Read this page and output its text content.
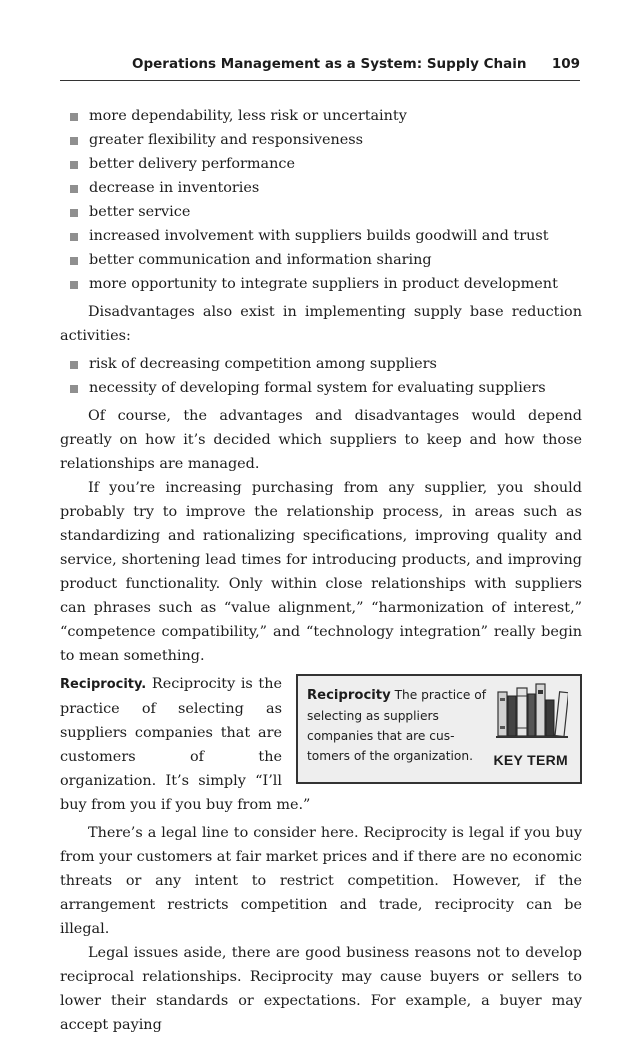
Operations Management as a System: Supply Chain 109
more dependability, less risk or uncertainty
greater flexibility and responsiveness
better delivery performance
decrease in inventories
better service
increased involvement with suppliers builds goodwill and trust
better communication and information sharing
more opportunity to integrate suppliers in product development

Disadvantages also exist in implementing supply base reduction activities:

risk of decreasing competition among suppliers
necessity of developing formal system for evaluating suppliers

Of course, the advantages and disadvantages would depend greatly on how it’s decided which suppliers to keep and how those relationships are managed.

If you’re increasing purchasing from any supplier, you should probably try to improve the relationship process, in areas such as standardizing and rationalizing specifications, improving quality and service, shortening lead times for introducing products, and improving product functionality. Only within close relationships with suppliers can phrases such as “value alignment,” “harmonization of interest,” “competence compatibility,” and “technology integration” really begin to mean something.

Reciprocity The practice of selecting as suppliers companies that are customers of the organization.	KEY TERM

Reciprocity. Reciprocity is the practice of selecting as suppliers companies that are customers of the organization. It’s simply “I’ll buy from you if you buy from me.”

There’s a legal line to consider here. Reciprocity is legal if you buy from your customers at fair market prices and if there are no economic threats or any intent to restrict competition. However, if the arrangement restricts competition and trade, reciprocity can be illegal.

Legal issues aside, there are good business reasons not to develop reciprocal relationships. Reciprocity may cause buyers or sellers to lower their standards or expectations. For example, a buyer may accept paying
